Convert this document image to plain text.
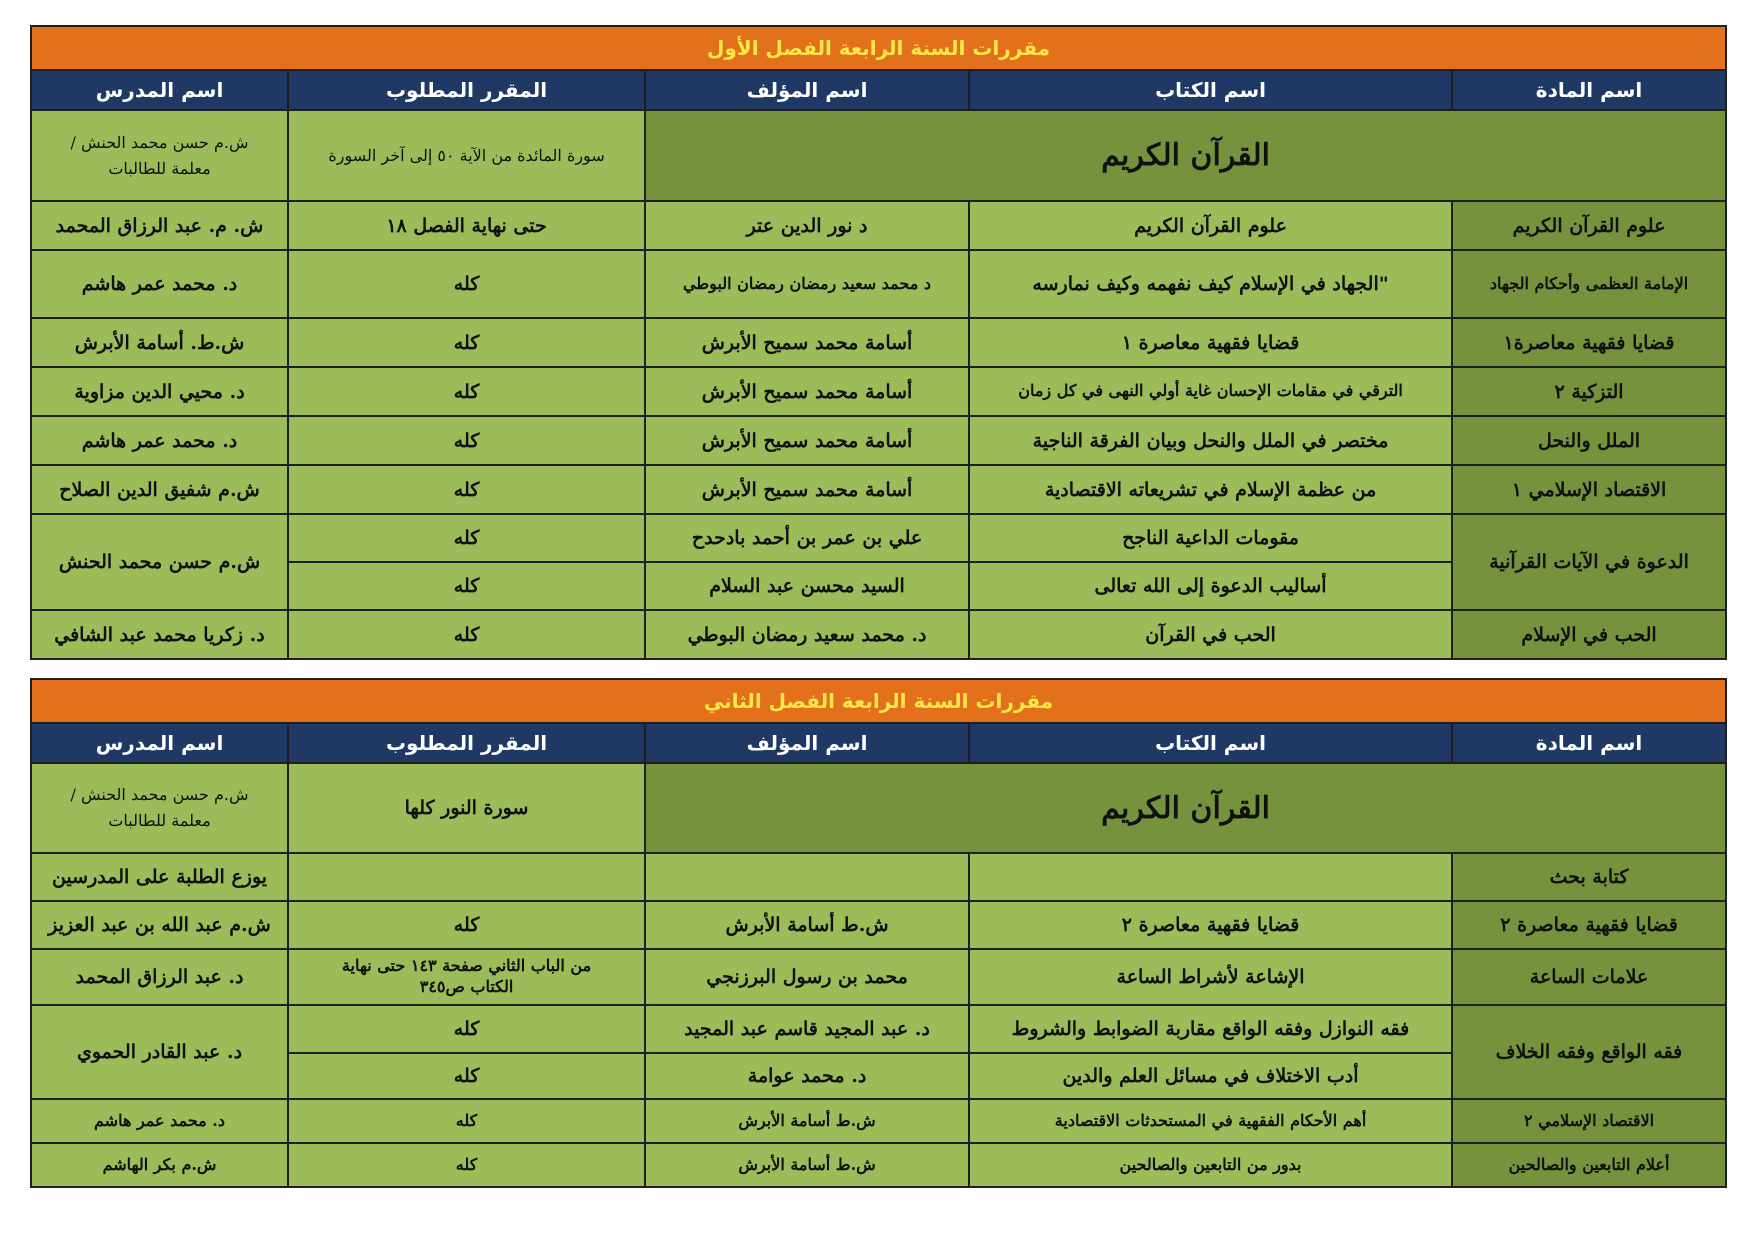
مقررات السنة الرابعة الفصل الأول				
اسم المادة	اسم الكتاب	اسم المؤلف	المقرر المطلوب	اسم المدرس
القرآن الكريم			سورة المائدة من الآية ٥٠ إلى آخر السورة	ش.م حسن محمد الحنش /
معلمة للطالبات

علوم القرآن الكريم	علوم القرآن الكريم	د نور الدين عتر	حتى نهاية الفصل ١٨	ش. م. عبد الرزاق المحمد
الإمامة العظمى وأحكام الجهاد	"الجهاد في الإسلام كيف نفهمه وكيف نمارسه	د محمد سعيد رمضان رمضان البوطي	كله	د. محمد عمر هاشم
قضايا فقهية معاصرة١	قضايا فقهية معاصرة ١	أسامة محمد سميح الأبرش	كله	ش.ط. أسامة الأبرش
التزكية ٢	الترقي في مقامات الإحسان غاية أولي النهى في كل زمان	أسامة محمد سميح الأبرش	كله	د. محيي الدين مزاوية
الملل والنحل	مختصر في الملل والنحل وبيان الفرقة الناجية	أسامة محمد سميح الأبرش	كله	د. محمد عمر هاشم
الاقتصاد الإسلامي ١	من عظمة الإسلام في تشريعاته الاقتصادية	أسامة محمد سميح الأبرش	كله	ش.م شفيق الدين الصلاح
الدعوة في الآيات القرآنية	مقومات الداعية الناجح	علي بن عمر بن أحمد بادحدح	كله	ش.م حسن محمد الحنش
	أساليب الدعوة إلى الله تعالى	السيد محسن عبد السلام	كله	
الحب في الإسلام	الحب في القرآن	د. محمد سعيد رمضان البوطي	كله	د. زكريا محمد عبد الشافي
مقررات السنة الرابعة الفصل الثاني				
اسم المادة	اسم الكتاب	اسم المؤلف	المقرر المطلوب	اسم المدرس
القرآن الكريم			سورة النور كلها	ش.م حسن محمد الحنش /
معلمة للطالبات

كتابة بحث				يوزع الطلبة على المدرسين
قضايا فقهية معاصرة ٢	قضايا فقهية معاصرة ٢	ش.ط أسامة الأبرش	كله	ش.م عبد الله بن عبد العزيز
علامات الساعة	الإشاعة لأشراط الساعة	محمد بن رسول البرزنجي	من الباب الثاني صفحة ١٤٣ حتى نهاية
الكتاب ص٣٤٥	د. عبد الرزاق المحمد
فقه الواقع وفقه الخلاف	فقه النوازل وفقه الواقع مقاربة الضوابط والشروط	د. عبد المجيد قاسم عبد المجيد	كله	د. عبد القادر الحموي
	أدب الاختلاف في مسائل العلم والدين	د. محمد عوامة	كله	
الاقتصاد الإسلامي ٢	أهم الأحكام الفقهية في المستحدثات الاقتصادية	ش.ط أسامة الأبرش	كله	د. محمد عمر هاشم
أعلام التابعين والصالحين	بدور من التابعين والصالحين	ش.ط أسامة الأبرش	كله	ش.م بكر الهاشم
